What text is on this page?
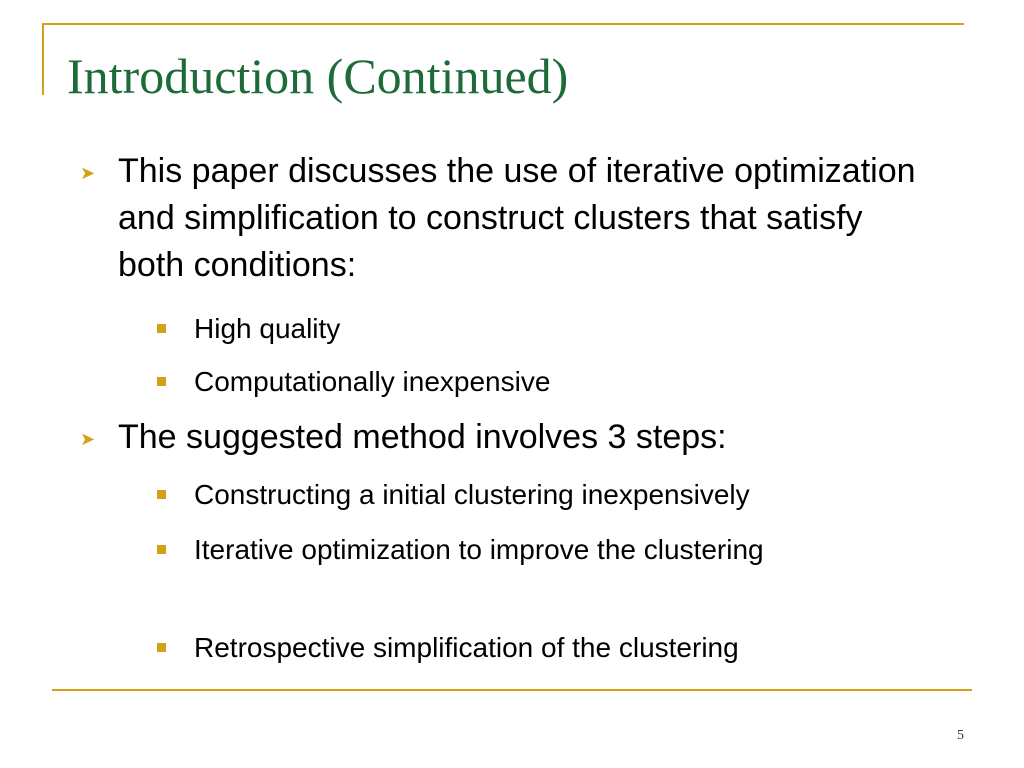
Introduction (Continued)
➤ This paper discusses the use of iterative optimization and simplification to construct clusters that satisfy both conditions:
High quality
Computationally inexpensive
➤ The suggested method involves 3 steps:
Constructing a initial clustering inexpensively
Iterative optimization to improve the clustering
Retrospective simplification of the clustering
5
